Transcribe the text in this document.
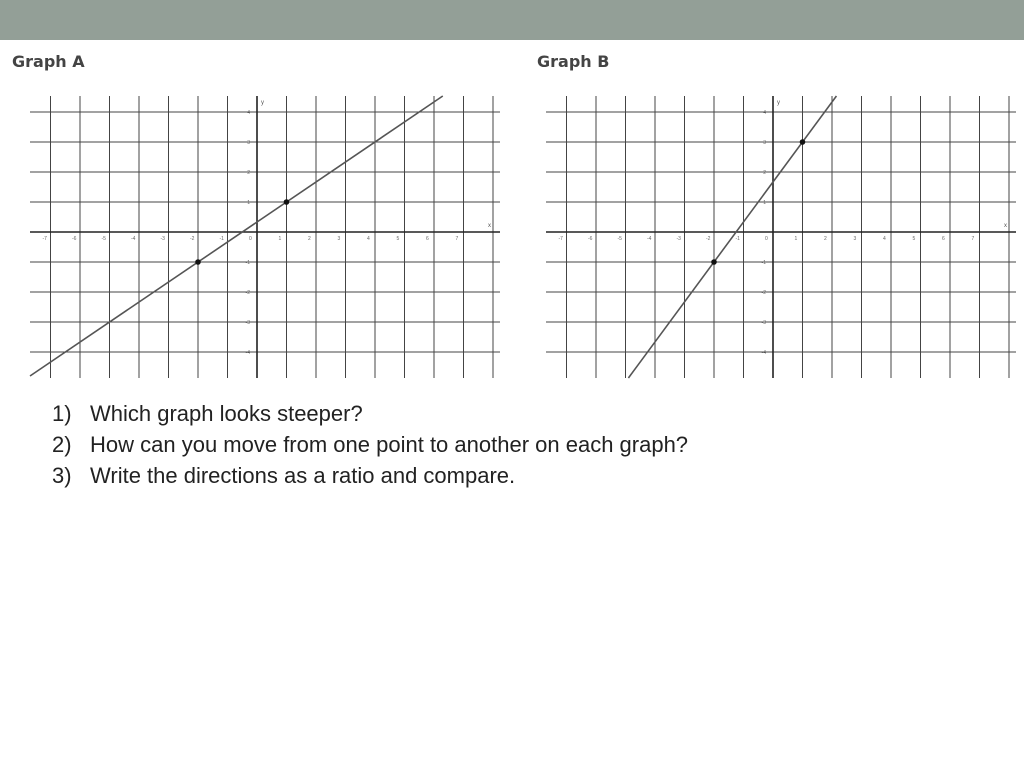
Graph A	Graph B
-7	-6	-5	-4	-3	-2	-1	0	1	2	3	4	5	6	7
4
3
2
1
-1
-2
-3
-4
x
y
-7	-6	-5	-4	-3	-2	-1	0	1	2	3	4	5	6	7
4
3
2
1
-1
-2
-3
-4
x
y
1) Which graph looks steeper?
2) How can you move from one point to another on each graph?
3) Write the directions as a ratio and compare.
